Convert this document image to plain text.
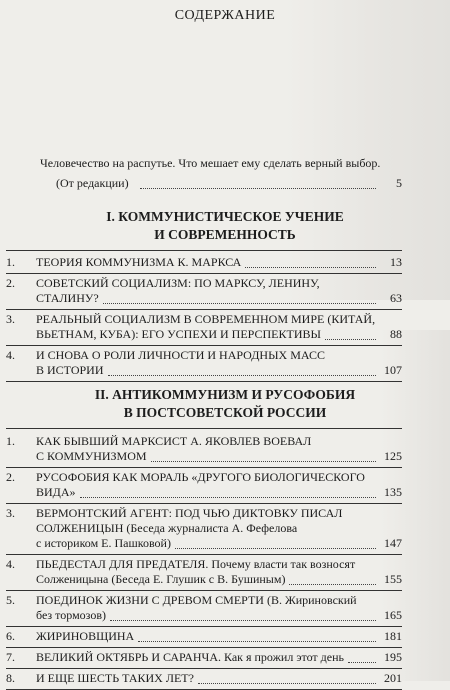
СОДЕРЖАНИЕ
Человечество на распутье. Что мешает ему сделать верный выбор.
(От редакции)	5
I. КОММУНИСТИЧЕСКОЕ УЧЕНИЕ
И СОВРЕМЕННОСТЬ
1. ТЕОРИЯ КОММУНИЗМА К. МАРКСА	13
2. СОВЕТСКИЙ СОЦИАЛИЗМ: ПО МАРКСУ, ЛЕНИНУ,
СТАЛИНУ?	63
3. РЕАЛЬНЫЙ СОЦИАЛИЗМ В СОВРЕМЕННОМ МИРЕ (КИТАЙ,
ВЬЕТНАМ, КУБА): ЕГО УСПЕХИ И ПЕРСПЕКТИВЫ	88
4. И СНОВА О РОЛИ ЛИЧНОСТИ И НАРОДНЫХ МАСС
В ИСТОРИИ	107
II. АНТИКОММУНИЗМ И РУСОФОБИЯ
В ПОСТСОВЕТСКОЙ РОССИИ
1. КАК БЫВШИЙ МАРКСИСТ А. ЯКОВЛЕВ ВОЕВАЛ
С КОММУНИЗМОМ	125
2. РУСОФОБИЯ КАК МОРАЛЬ «ДРУГОГО БИОЛОГИЧЕСКОГО
ВИДА»	135
3. ВЕРМОНТСКИЙ АГЕНТ: ПОД ЧЬЮ ДИКТОВКУ ПИСАЛ
СОЛЖЕНИЦЫН (Беседа журналиста А. Фефелова
с историком Е. Пашковой)	147
4. ПЬЕДЕСТАЛ ДЛЯ ПРЕДАТЕЛЯ. Почему власти так возносят
Солженицына (Беседа Е. Глушик с В. Бушиным)	155
5. ПОЕДИНОК ЖИЗНИ С ДРЕВОМ СМЕРТИ (В. Жириновский
без тормозов)	165
6. ЖИРИНОВЩИНА	181
7. ВЕЛИКИЙ ОКТЯБРЬ И САРАНЧА. Как я прожил этот день	195
8. И ЕЩЕ ШЕСТЬ ТАКИХ ЛЕТ?	201
